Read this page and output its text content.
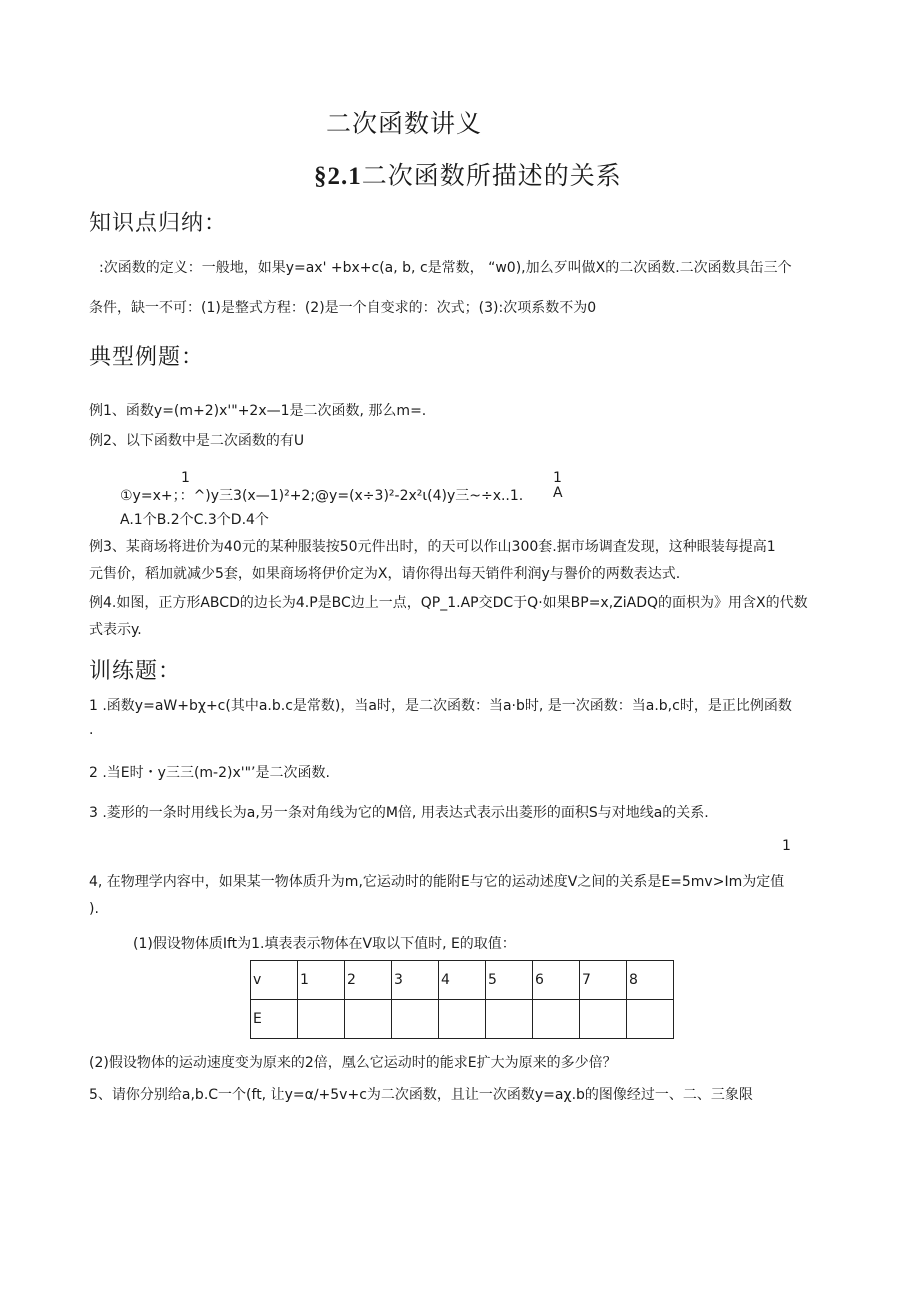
二次函数讲义
§2.1二次函数所描述的关系
知识点归纳：
:次函数的定义：一般地，如果y=ax' +bx+c(a, b, c是常数， “w0),加么歹叫做X的二次函数.二次函数具缶三个
条件，缺一不可：(1)是整式方程：(2)是一个自变求的：次式；(3):次项系数不为0
典型例题：
例1、函数y=(m+2)x'"+2x—1是二次函数, 那么m=.
例2、以下函数中是二次函数的有U
1	1
①y=x+；：^)y三3(x—1)²+2;@y=(x÷3)²-2x²ι(4)y三~÷x..1. A
A.1个B.2个C.3个D.4个
例3、某商场将进价为40元的某种服装按50元件出时，的天可以作山300套.据市场调査发现，这种眼装每提高1
元售价，稻加就减少5套，如果商场将伊价定为X，请你得出每天销件利润y与譽价的两数表达式.
例4.如图，正方形ABCD的边长为4.P是BC边上一点，QP_1.AP交DC于Q·如果BP=x,ZiADQ的面枳为》用含X的代数
式表示y.
训练题：
1 .函数y=aW+bχ+c(其中a.b.c是常数)，当a时，是二次函数：当a·b时, 是一次函数：当a.b,c时，是正比例函数
.
2 .当E时・y三三(m-2)x'"’是二次函数.
3 .菱形的一条时用线长为a,另一条对角线为它的M倍, 用表达式表示出菱形的面积S与对地线a的关系.
1
4, 在物理学内容中，如果某一物体质升为m,它运动时的能附E与它的运动述度V之间的关系是E=5mv>Im为定值
).
(1)假设物体质Ift为1.填表表示物体在V取以下值时, E的取值：
v	1	2	3	4	5	6	7	8
E								
(2)假设物体的运动速度变为原来的2倍，凰么它运动时的能求E扩大为原来的多少倍？
5、请你分别给a,b.C一个(ft, 让y=α∕+5v+c为二次函数，且让一次函数y=aχ.b的图像经过一、二、三象限
